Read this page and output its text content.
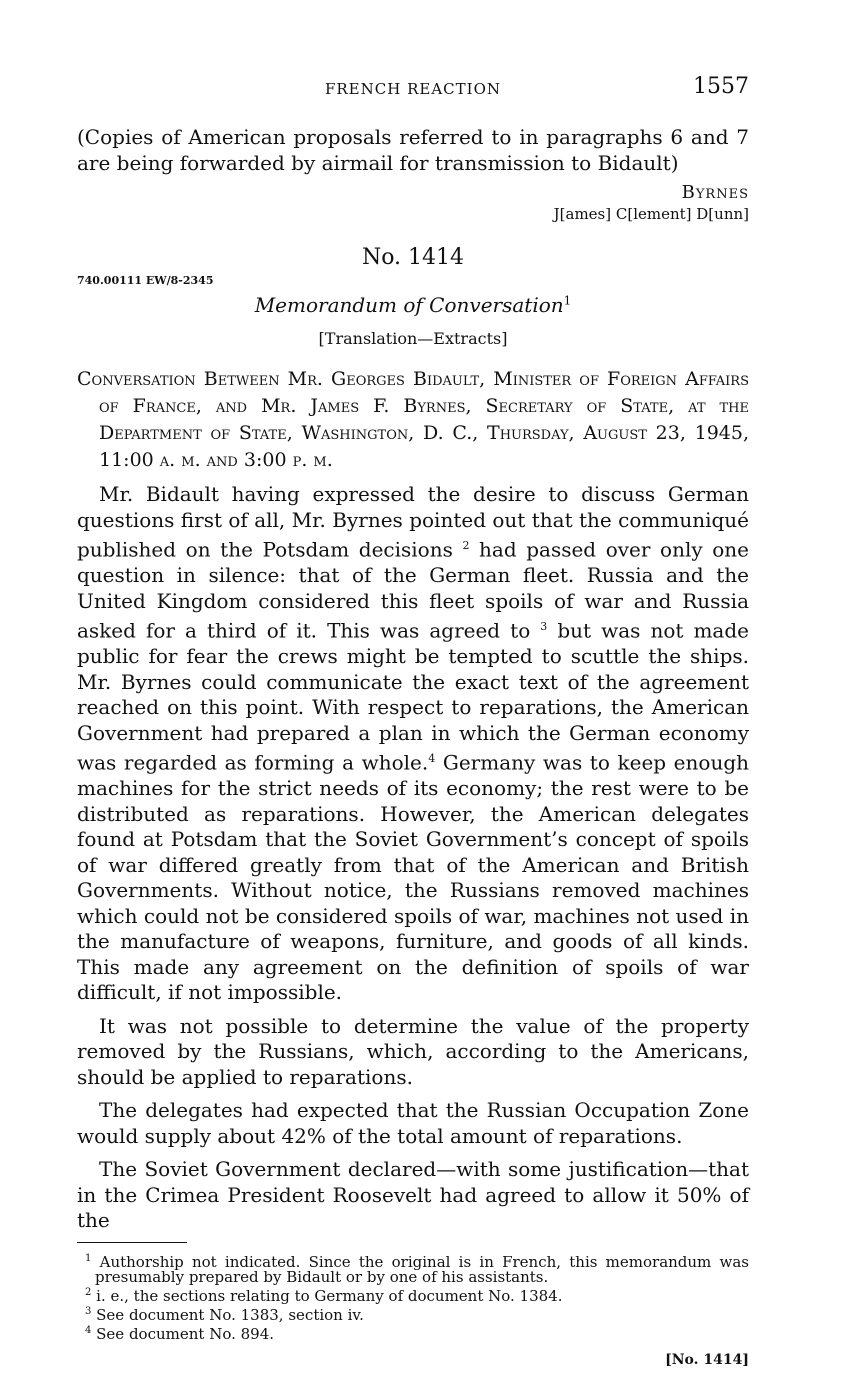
FRENCH REACTION	1557

(Copies of American proposals referred to in paragraphs 6 and 7 are being forwarded by airmail for transmission to Bidault)

Byrnes
J[ames] C[lement] D[unn]
No. 1414
740.00111 EW/8-2345
Memorandum of Conversation$^1$
[Translation—Extracts]

Conversation Between Mr. Georges Bidault, Minister of Foreign Affairs of France, and Mr. James F. Byrnes, Secretary of State, at the Department of State, Washington, D. C., Thursday, August 23, 1945, 11:00 a. m. and 3:00 p. m.

Mr. Bidault having expressed the desire to discuss German questions first of all, Mr. Byrnes pointed out that the communiqué published on the Potsdam decisions $^2$ had passed over only one question in silence: that of the German fleet. Russia and the United Kingdom considered this fleet spoils of war and Russia asked for a third of it. This was agreed to $^3$ but was not made public for fear the crews might be tempted to scuttle the ships. Mr. Byrnes could communicate the exact text of the agreement reached on this point. With respect to reparations, the American Government had prepared a plan in which the German economy was regarded as forming a whole.$^4$ Germany was to keep enough machines for the strict needs of its economy; the rest were to be distributed as reparations. However, the American delegates found at Potsdam that the Soviet Government’s concept of spoils of war differed greatly from that of the American and British Governments. Without notice, the Russians removed machines which could not be considered spoils of war, machines not used in the manufacture of weapons, furniture, and goods of all kinds. This made any agreement on the definition of spoils of war difficult, if not impossible.

It was not possible to determine the value of the property removed by the Russians, which, according to the Americans, should be applied to reparations.

The delegates had expected that the Russian Occupation Zone would supply about 42% of the total amount of reparations.

The Soviet Government declared—with some justification—that in the Crimea President Roosevelt had agreed to allow it 50% of the

$^1$ Authorship not indicated. Since the original is in French, this memorandum was presumably prepared by Bidault or by one of his assistants.

$^2$ i. e., the sections relating to Germany of document No. 1384.

$^3$ See document No. 1383, section iv.

$^4$ See document No. 894.

[No. 1414]
